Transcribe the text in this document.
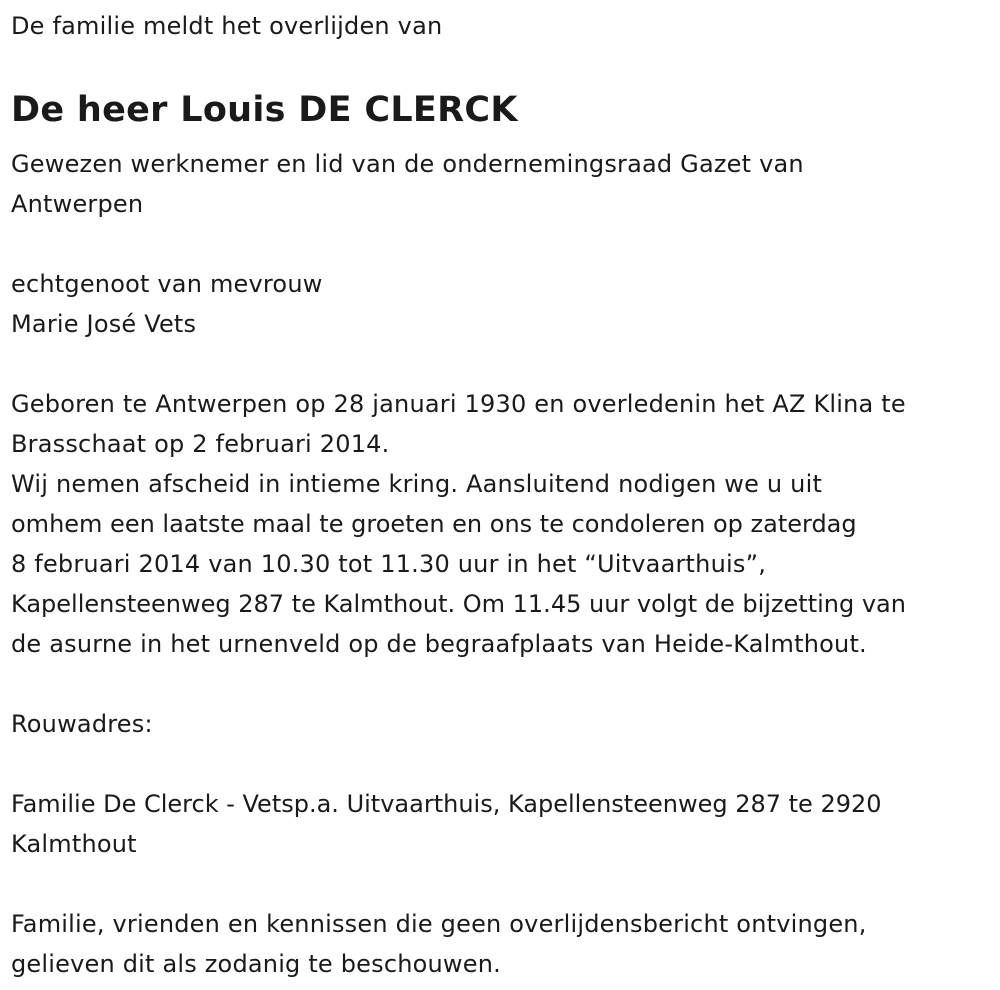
De familie meldt het overlijden van

De heer Louis DE CLERCK

Gewezen werknemer en lid van de ondernemingsraad Gazet van

Antwerpen

echtgenoot van mevrouw

Marie José Vets

Geboren te Antwerpen op 28 januari 1930 en overledenin het AZ Klina te

Brasschaat op 2 februari 2014.

Wij nemen afscheid in intieme kring. Aansluitend nodigen we u uit

omhem een laatste maal te groeten en ons te condoleren op zaterdag

8 februari 2014 van 10.30 tot 11.30 uur in het “Uitvaarthuis”,

Kapellensteenweg 287 te Kalmthout. Om 11.45 uur volgt de bijzetting van

de asurne in het urnenveld op de begraafplaats van Heide-Kalmthout.

Rouwadres:

Familie De Clerck - Vetsp.a. Uitvaarthuis, Kapellensteenweg 287 te 2920

Kalmthout

Familie, vrienden en kennissen die geen overlijdensbericht ontvingen,

gelieven dit als zodanig te beschouwen.
